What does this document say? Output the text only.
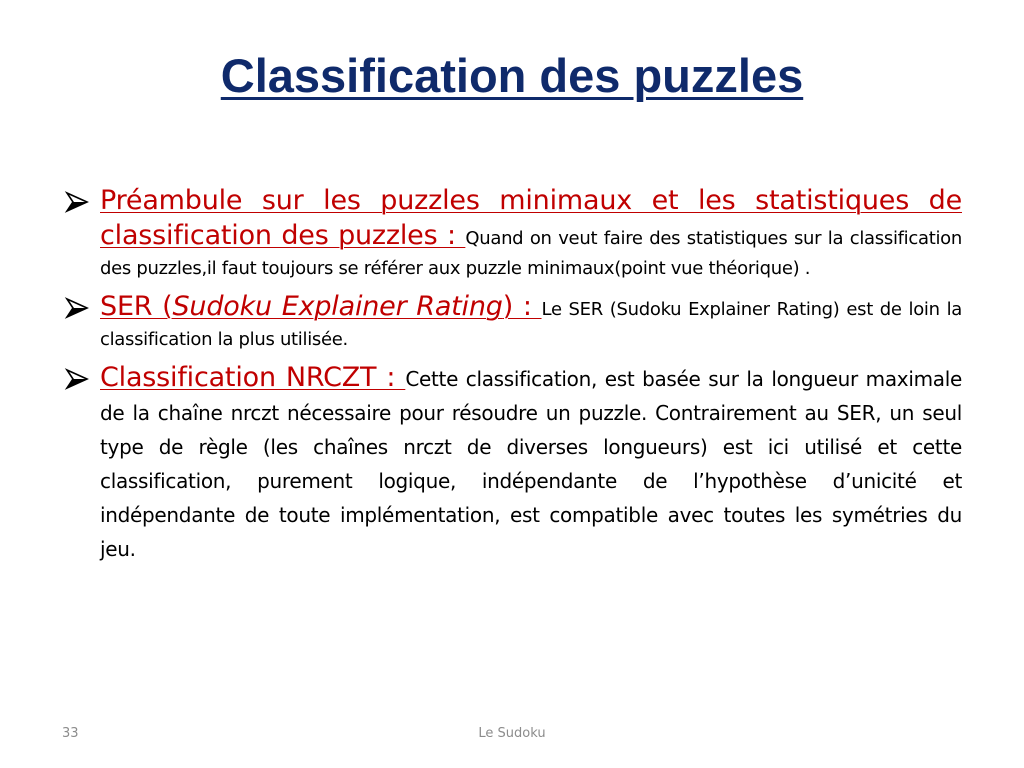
Classification des puzzles
Préambule sur les puzzles minimaux et les statistiques de classification des puzzles : Quand on veut faire des statistiques sur la classification des puzzles,il faut toujours se référer aux puzzle minimaux(point vue théorique) .
SER (Sudoku Explainer Rating) : Le SER (Sudoku Explainer Rating) est de loin la classification la plus utilisée.
Classification NRCZT : Cette classification, est basée sur la longueur maximale de la chaîne nrczt nécessaire pour résoudre un puzzle. Contrairement au SER, un seul type de règle (les chaînes nrczt de diverses longueurs) est ici utilisé et cette classification, purement logique, indépendante de l’hypothèse d’unicité et indépendante de toute implémentation, est compatible avec toutes les symétries du jeu.
33	Le Sudoku
